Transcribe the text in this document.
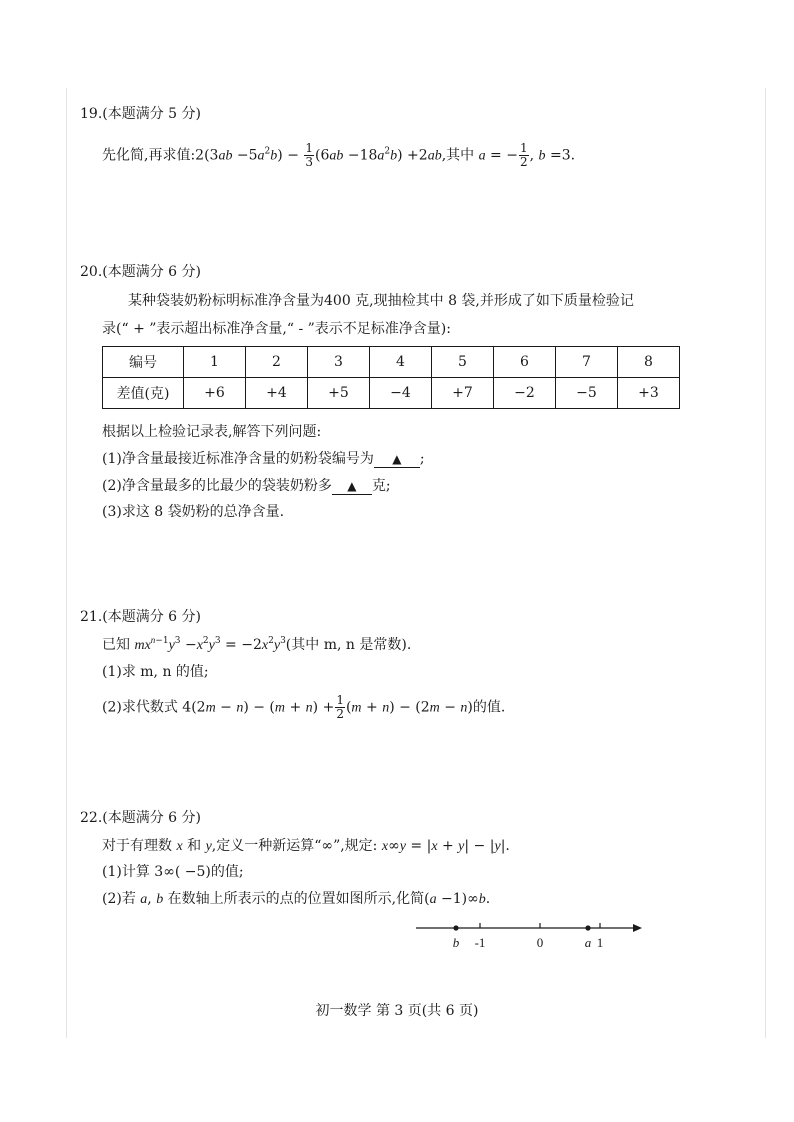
19.(本题满分 5 分)
先化简,再求值:2(3ab $-5a^2b) - \frac{1}{3} (6ab -18a^2b) +2ab$,其中 a = − $\frac{1}{2}$ , b =3.
20.(本题满分 6 分)
某种袋装奶粉标明标准净含量为400 克,现抽检其中 8 袋,并形成了如下质量检验记
录(“ + ”表示超出标准净含量,“ - ”表示不足标准净含量):
编号	1	2	3	4	5	6	7	8
差值(克)	+6	+4	+5	−4	+7	−2	−5	+3
根据以上检验记录表,解答下列问题:
(1)净含量最接近标准净含量的奶粉袋编号为 ▲ ;
(2)净含量最多的比最少的袋装奶粉多 ▲ 克;
(3)求这 8 袋奶粉的总净含量.
21.(本题满分 6 分)
已知 $mx^{n-1}y^3 -x^2y^3 = -2x^2y^3$(其中 m, n 是常数).
(1)求 m, n 的值;
(2)求代数式 $4(2m - n) - (m + n) + \frac{1}{2} (m + n) - (2m - n)$的值.
22.(本题满分 6 分)
对于有理数 x 和 y,定义一种新运算“∞”,规定: x∞y = |x + y| − |y|.
(1)计算 3∞( −5)的值;
(2)若 a, b 在数轴上所表示的点的位置如图所示,化简(a −1)∞b.
b -1	0	a 1
初一数学 第 3 页(共 6 页)
